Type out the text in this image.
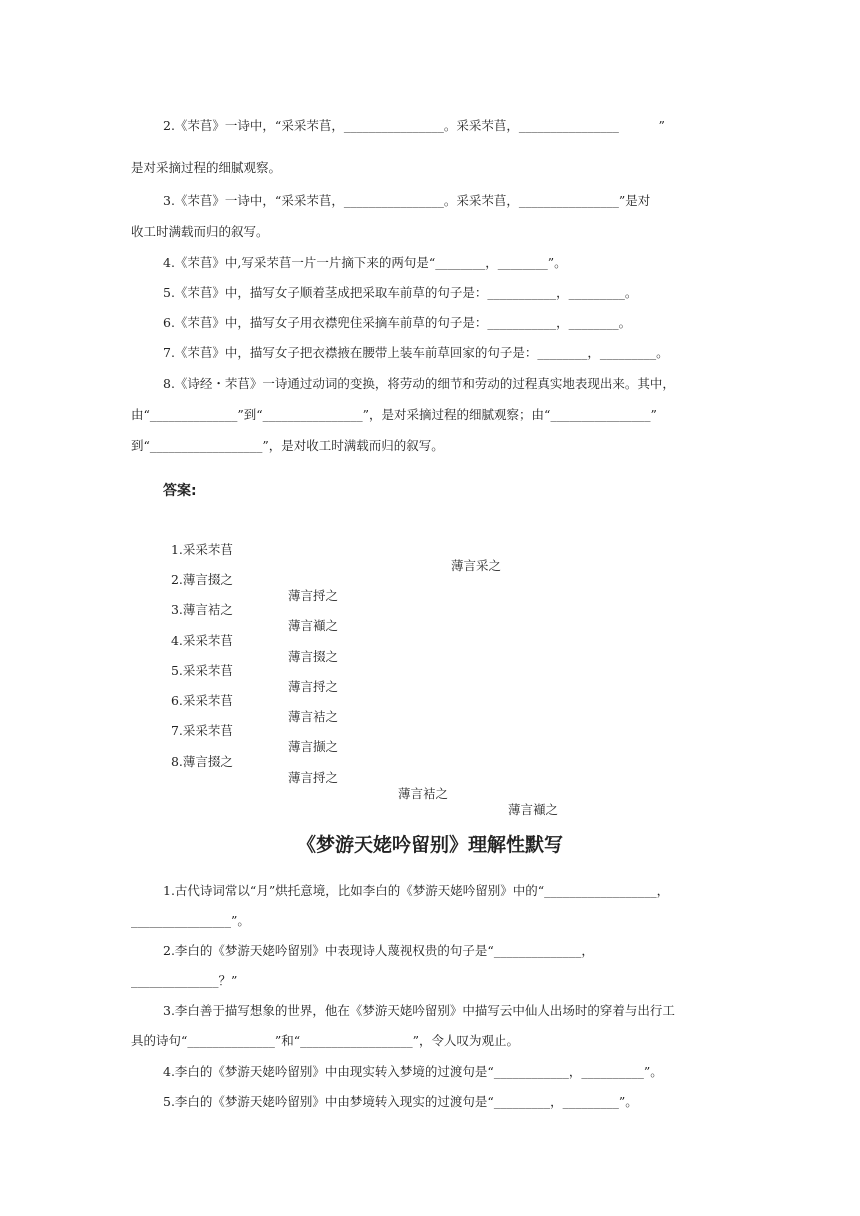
2.《芣苢》一诗中，“采采芣苢，________________。采采芣苢，________________          ”
是对采摘过程的细腻观察。
3.《芣苢》一诗中，“采采芣苢，________________。采采芣苢，________________”是对
收工时满载而归的叙写。
4.《芣苢》中,写采芣苢一片一片摘下来的两句是“________，________”。
5.《芣苢》中，描写女子顺着茎成把采取车前草的句子是：___________，_________。
6.《芣苢》中，描写女子用衣襟兜住采摘车前草的句子是：___________，________。
7.《芣苢》中，描写女子把衣襟掖在腰带上装车前草回家的句子是：________，_________。
8.《诗经・芣苢》一诗通过动词的变换，将劳动的细节和劳动的过程真实地表现出来。其中，
由“______________”到“________________”，是对采摘过程的细腻观察；由“________________”
到“__________________”，是对收工时满载而归的叙写。
答案:

1.采采芣苢

薄言采之

2.薄言掇之

薄言捋之

3.薄言袺之

薄言襭之

4.采采芣苢

薄言掇之

5.采采芣苢

薄言捋之

6.采采芣苢

薄言袺之

7.采采芣苢

薄言撷之

8.薄言掇之

薄言捋之

薄言袺之

薄言襭之

《梦游天姥吟留别》理解性默写
1.古代诗词常以“月”烘托意境，比如李白的《梦游天姥吟留别》中的“__________________，
________________”。
2.李白的《梦游天姥吟留别》中表现诗人蔑视权贵的句子是“______________，
______________？”
3.李白善于描写想象的世界，他在《梦游天姥吟留别》中描写云中仙人出场时的穿着与出行工
具的诗句“______________”和“__________________”，令人叹为观止。
4.李白的《梦游天姥吟留别》中由现实转入梦境的过渡句是“____________，__________”。
5.李白的《梦游天姥吟留别》中由梦境转入现实的过渡句是“_________，_________”。
